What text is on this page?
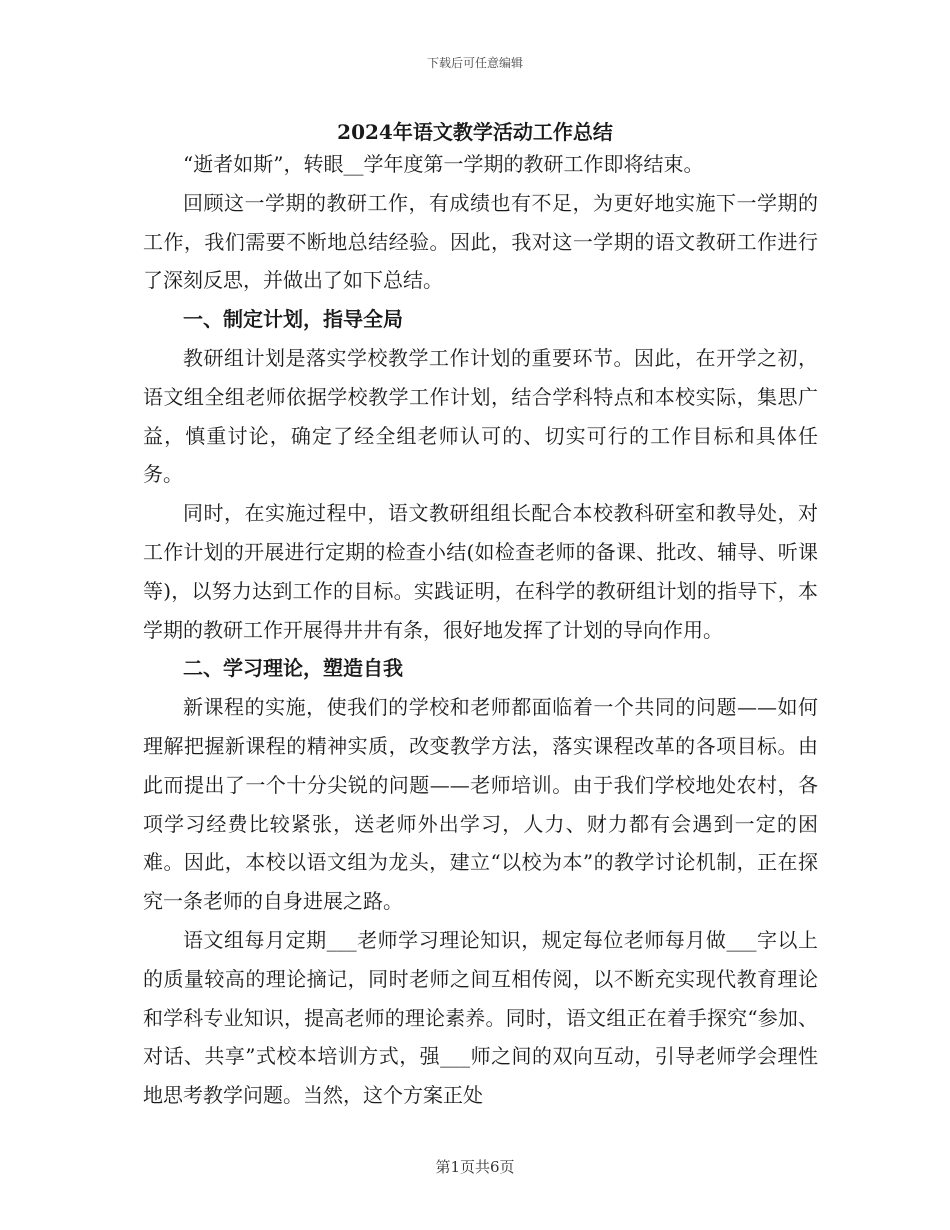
下载后可任意编辑
2024年语文教学活动工作总结

“逝者如斯”，转眼__学年度第一学期的教研工作即将结束。

回顾这一学期的教研工作，有成绩也有不足，为更好地实施下一学期的工作，我们需要不断地总结经验。因此，我对这一学期的语文教研工作进行了深刻反思，并做出了如下总结。

一、制定计划，指导全局

教研组计划是落实学校教学工作计划的重要环节。因此，在开学之初，语文组全组老师依据学校教学工作计划，结合学科特点和本校实际，集思广益，慎重讨论，确定了经全组老师认可的、切实可行的工作目标和具体任务。

同时，在实施过程中，语文教研组组长配合本校教科研室和教导处，对工作计划的开展进行定期的检查小结(如检查老师的备课、批改、辅导、听课等)，以努力达到工作的目标。实践证明，在科学的教研组计划的指导下，本学期的教研工作开展得井井有条，很好地发挥了计划的导向作用。

二、学习理论，塑造自我

新课程的实施，使我们的学校和老师都面临着一个共同的问题——如何理解把握新课程的精神实质，改变教学方法，落实课程改革的各项目标。由此而提出了一个十分尖锐的问题——老师培训。由于我们学校地处农村，各项学习经费比较紧张，送老师外出学习，人力、财力都有会遇到一定的困难。因此，本校以语文组为龙头，建立“以校为本”的教学讨论机制，正在探究一条老师的自身进展之路。

语文组每月定期___老师学习理论知识，规定每位老师每月做___字以上的质量较高的理论摘记，同时老师之间互相传阅，以不断充实现代教育理论和学科专业知识，提高老师的理论素养。同时，语文组正在着手探究“参加、对话、共享”式校本培训方式，强___师之间的双向互动，引导老师学会理性地思考教学问题。当然，这个方案正处

第1页共6页
